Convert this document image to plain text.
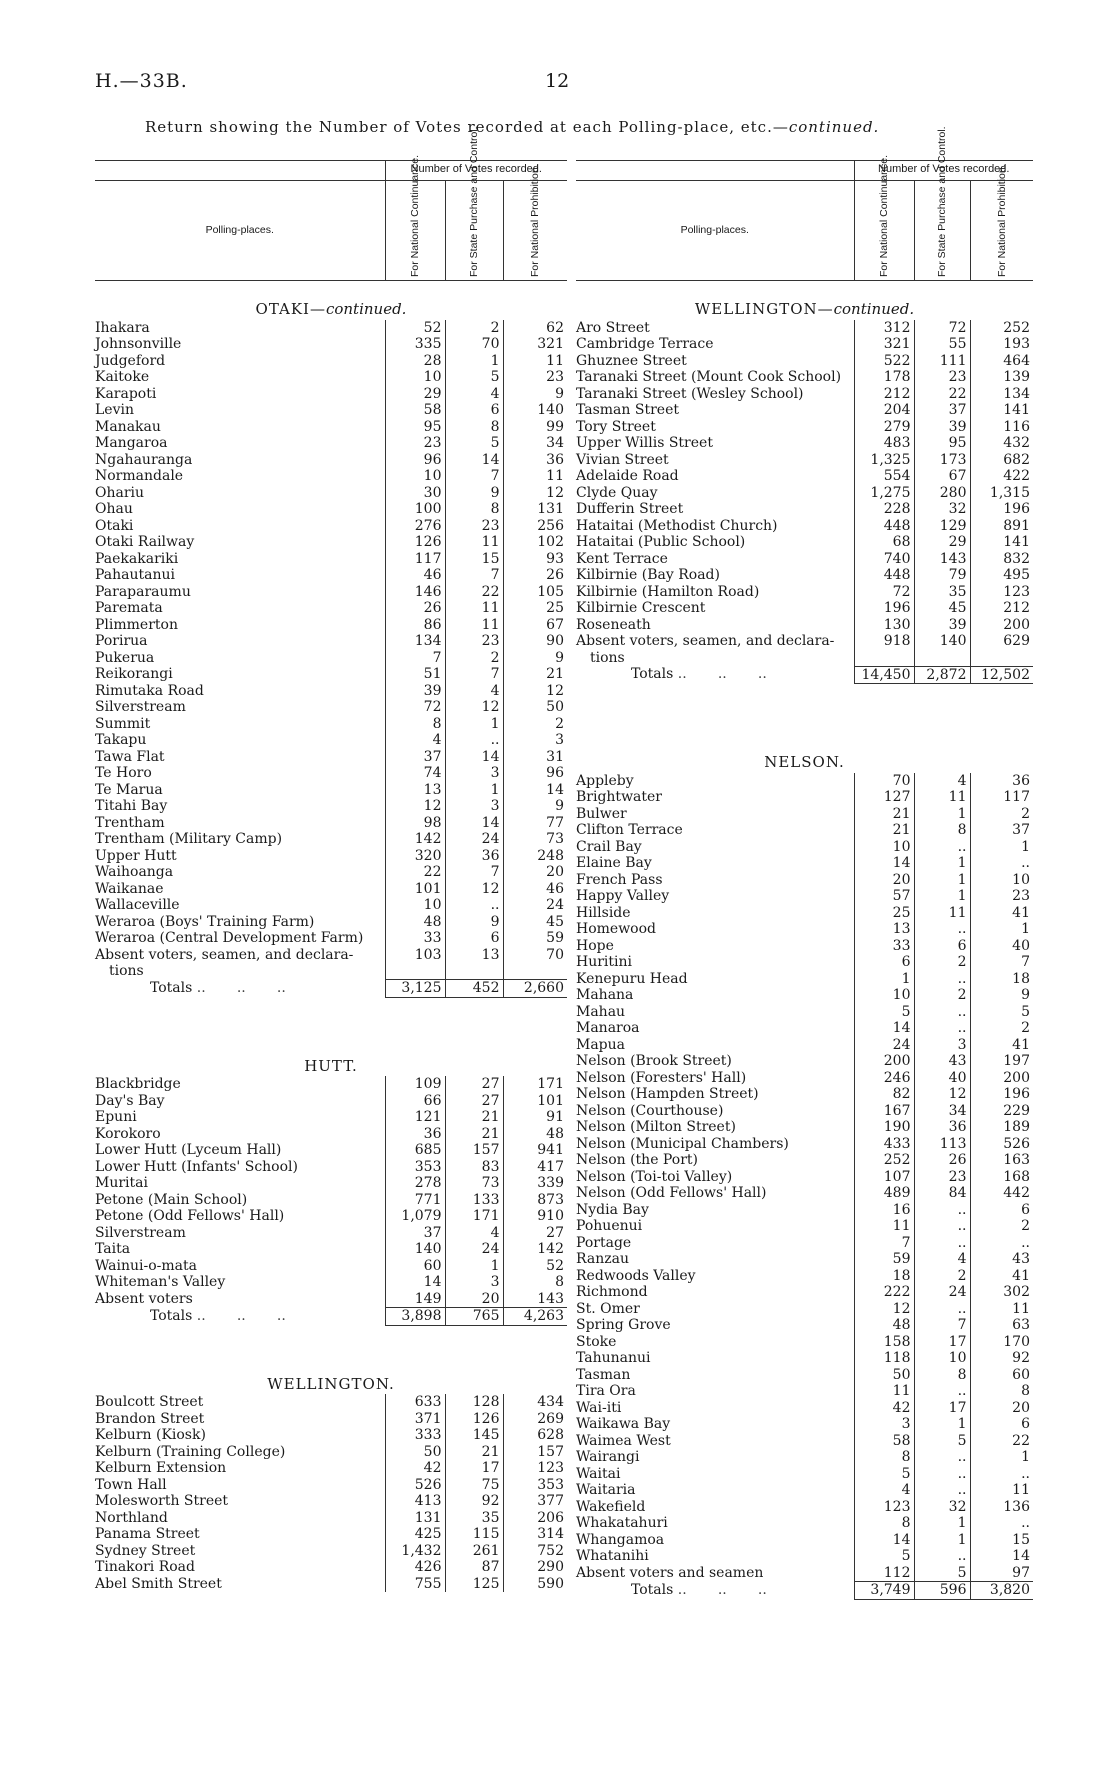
H.—33B.	12
Return showing the Number of Votes recorded at each Polling-place, etc.—continued.
	Number of Votes recorded.		
Polling-places.	For National Continuance.	For State Purchase and Control.	For National Prohibition.

OTAKI—continued.			
Ihakara	52	2	62
Johnsonville	335	70	321
Judgeford	28	1	11
Kaitoke	10	5	23
Karapoti	29	4	9
Levin	58	6	140
Manakau	95	8	99
Mangaroa	23	5	34
Ngahauranga	96	14	36
Normandale	10	7	11
Ohariu	30	9	12
Ohau	100	8	131
Otaki	276	23	256
Otaki Railway	126	11	102
Paekakariki	117	15	93
Pahautanui	46	7	26
Paraparaumu	146	22	105
Paremata	26	11	25
Plimmerton	86	11	67
Porirua	134	23	90
Pukerua	7	2	9
Reikorangi	51	7	21
Rimutaka Road	39	4	12
Silverstream	72	12	50
Summit	8	1	2
Takapu	4	..	3
Tawa Flat	37	14	31
Te Horo	74	3	96
Te Marua	13	1	14
Titahi Bay	12	3	9
Trentham	98	14	77
Trentham (Military Camp)	142	24	73
Upper Hutt	320	36	248
Waihoanga	22	7	20
Waikanae	101	12	46
Wallaceville	10	..	24
Weraroa (Boys' Training Farm)	48	9	45
Weraroa (Central Development Farm)	33	6	59
Absent voters, seamen, and declara-	103	13	70
tions			
Totals ..       ..       ..	3,125	452	2,660
HUTT.			
Blackbridge	109	27	171
Day's Bay	66	27	101
Epuni	121	21	91
Korokoro	36	21	48
Lower Hutt (Lyceum Hall)	685	157	941
Lower Hutt (Infants' School)	353	83	417
Muritai	278	73	339
Petone (Main School)	771	133	873
Petone (Odd Fellows' Hall)	1,079	171	910
Silverstream	37	4	27
Taita	140	24	142
Wainui-o-mata	60	1	52
Whiteman's Valley	14	3	8
Absent voters	149	20	143
Totals ..       ..       ..	3,898	765	4,263
WELLINGTON.			
Boulcott Street	633	128	434
Brandon Street	371	126	269
Kelburn (Kiosk)	333	145	628
Kelburn (Training College)	50	21	157
Kelburn Extension	42	17	123
Town Hall	526	75	353
Molesworth Street	413	92	377
Northland	131	35	206
Panama Street	425	115	314
Sydney Street	1,432	261	752
Tinakori Road	426	87	290
Abel Smith Street	755	125	590
	Number of Votes recorded.		
Polling-places.	For National Continuance.	For State Purchase and Control.	For National Prohibition.

WELLINGTON—continued.			
Aro Street	312	72	252
Cambridge Terrace	321	55	193
Ghuznee Street	522	111	464
Taranaki Street (Mount Cook School)	178	23	139
Taranaki Street (Wesley School)	212	22	134
Tasman Street	204	37	141
Tory Street	279	39	116
Upper Willis Street	483	95	432
Vivian Street	1,325	173	682
Adelaide Road	554	67	422
Clyde Quay	1,275	280	1,315
Dufferin Street	228	32	196
Hataitai (Methodist Church)	448	129	891
Hataitai (Public School)	68	29	141
Kent Terrace	740	143	832
Kilbirnie (Bay Road)	448	79	495
Kilbirnie (Hamilton Road)	72	35	123
Kilbirnie Crescent	196	45	212
Roseneath	130	39	200
Absent voters, seamen, and declara-	918	140	629
tions			
Totals ..       ..       ..	14,450	2,872	12,502
NELSON.			
Appleby	70	4	36
Brightwater	127	11	117
Bulwer	21	1	2
Clifton Terrace	21	8	37
Crail Bay	10	..	1
Elaine Bay	14	1	..
French Pass	20	1	10
Happy Valley	57	1	23
Hillside	25	11	41
Homewood	13	..	1
Hope	33	6	40
Huritini	6	2	7
Kenepuru Head	1	..	18
Mahana	10	2	9
Mahau	5	..	5
Manaroa	14	..	2
Mapua	24	3	41
Nelson (Brook Street)	200	43	197
Nelson (Foresters' Hall)	246	40	200
Nelson (Hampden Street)	82	12	196
Nelson (Courthouse)	167	34	229
Nelson (Milton Street)	190	36	189
Nelson (Municipal Chambers)	433	113	526
Nelson (the Port)	252	26	163
Nelson (Toi-toi Valley)	107	23	168
Nelson (Odd Fellows' Hall)	489	84	442
Nydia Bay	16	..	6
Pohuenui	11	..	2
Portage	7	..	..
Ranzau	59	4	43
Redwoods Valley	18	2	41
Richmond	222	24	302
St. Omer	12	..	11
Spring Grove	48	7	63
Stoke	158	17	170
Tahunanui	118	10	92
Tasman	50	8	60
Tira Ora	11	..	8
Wai-iti	42	17	20
Waikawa Bay	3	1	6
Waimea West	58	5	22
Wairangi	8	..	1
Waitai	5	..	..
Waitaria	4	..	11
Wakefield	123	32	136
Whakatahuri	8	1	..
Whangamoa	14	1	15
Whatanihi	5	..	14
Absent voters and seamen	112	5	97
Totals ..       ..       ..	3,749	596	3,820
